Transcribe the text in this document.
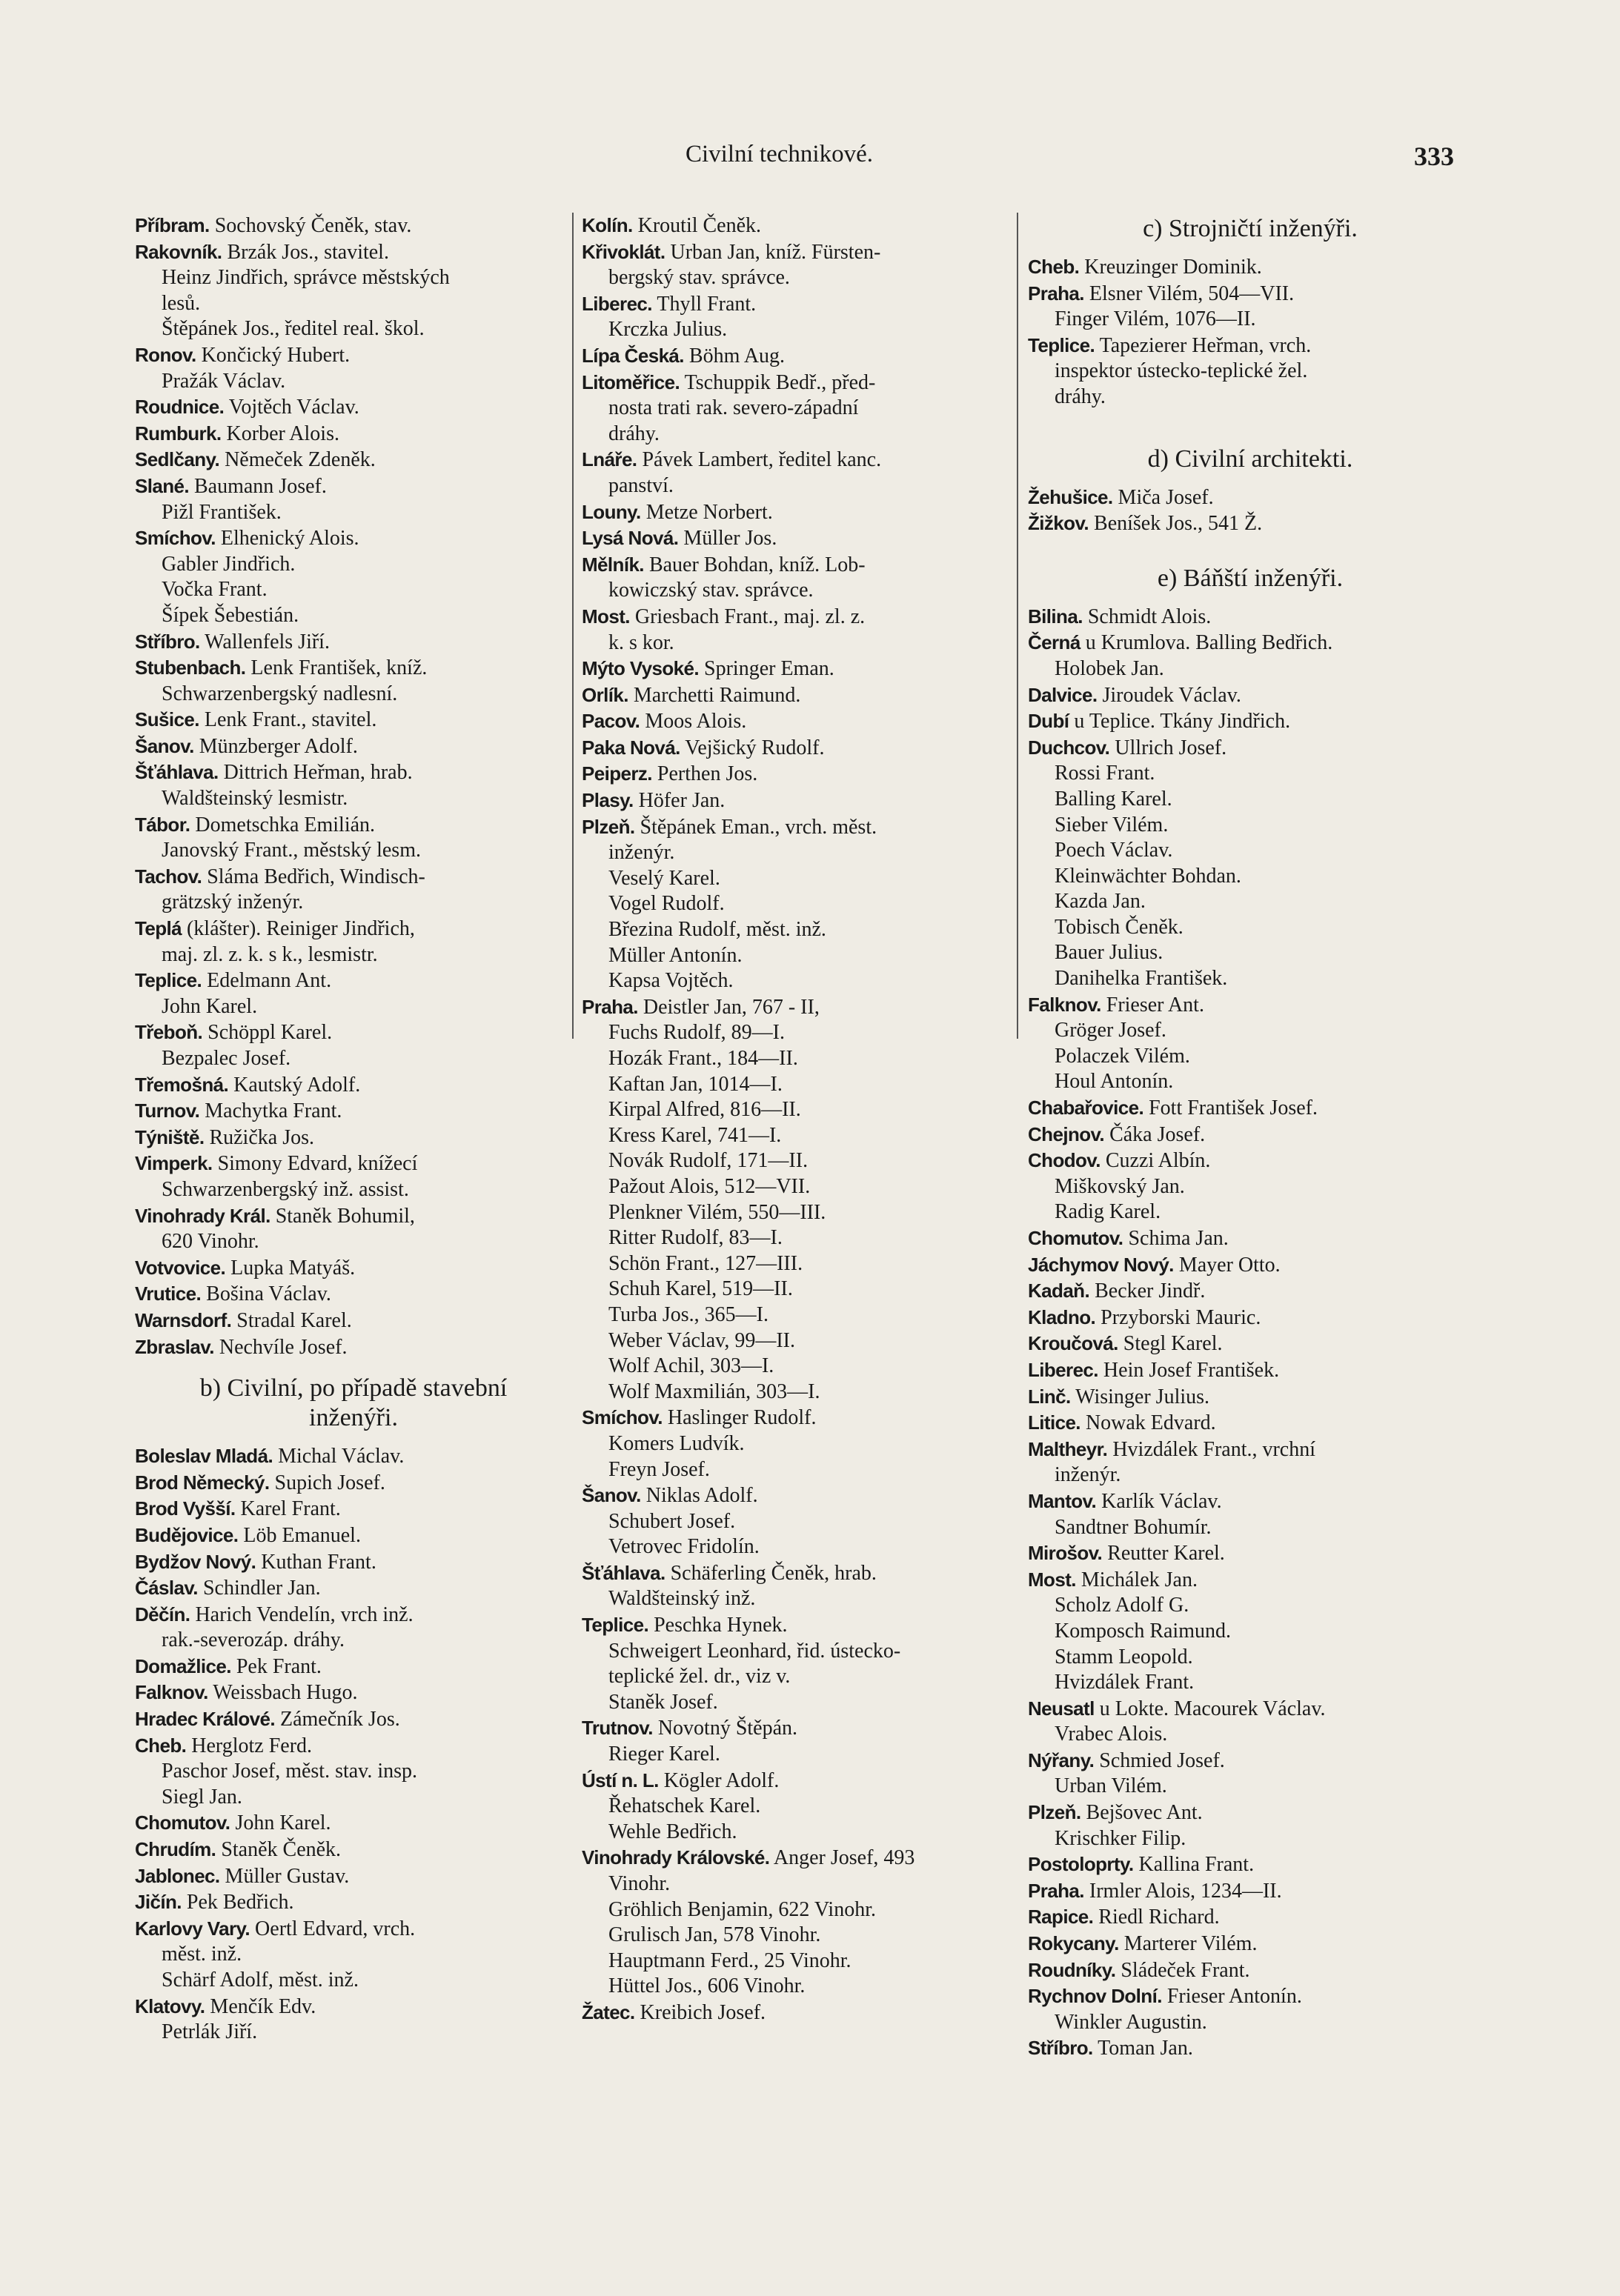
Civilní technikové.	333
Příbram. Sochovský Čeněk, stav.
Rakovník. Brzák Jos., stavitel.
Heinz Jindřich, správce městských
lesů.
Štěpánek Jos., ředitel real. škol.
Ronov. Končický Hubert.
Pražák Václav.
Roudnice. Vojtěch Václav.
Rumburk. Korber Alois.
Sedlčany. Němeček Zdeněk.
Slané. Baumann Josef.
Pižl František.
Smíchov. Elhenický Alois.
Gabler Jindřich.
Vočka Frant.
Šípek Šebestián.
Stříbro. Wallenfels Jiří.
Stubenbach. Lenk František, kníž.
Schwarzenbergský nadlesní.
Sušice. Lenk Frant., stavitel.
Šanov. Münzberger Adolf.
Šťáhlava. Dittrich Heřman, hrab.
Waldšteinský lesmistr.
Tábor. Dometschka Emilián.
Janovský Frant., městský lesm.
Tachov. Sláma Bedřich, Windisch-
grätzský inženýr.
Teplá (klášter). Reiniger Jindřich,
maj. zl. z. k. s k., lesmistr.
Teplice. Edelmann Ant.
John Karel.
Třeboň. Schöppl Karel.
Bezpalec Josef.
Třemošná. Kautský Adolf.
Turnov. Machytka Frant.
Týniště. Ružička Jos.
Vimperk. Simony Edvard, knížecí
Schwarzenbergský inž. assist.
Vinohrady Král. Staněk Bohumil,
620 Vinohr.
Votvovice. Lupka Matyáš.
Vrutice. Bošina Václav.
Warnsdorf. Stradal Karel.
Zbraslav. Nechvíle Josef.
b) Civilní, po případě stavební
inženýři.
Boleslav Mladá. Michal Václav.
Brod Německý. Supich Josef.
Brod Vyšší. Karel Frant.
Budějovice. Löb Emanuel.
Bydžov Nový. Kuthan Frant.
Čáslav. Schindler Jan.
Děčín. Harich Vendelín, vrch inž.
rak.-severozáp. dráhy.
Domažlice. Pek Frant.
Falknov. Weissbach Hugo.
Hradec Králové. Zámečník Jos.
Cheb. Herglotz Ferd.
Paschor Josef, měst. stav. insp.
Siegl Jan.
Chomutov. John Karel.
Chrudím. Staněk Čeněk.
Jablonec. Müller Gustav.
Jičín. Pek Bedřich.
Karlovy Vary. Oertl Edvard, vrch.
měst. inž.
Schärf Adolf, měst. inž.
Klatovy. Menčík Edv.
Petrlák Jiří.
Kolín. Kroutil Čeněk.
Křivoklát. Urban Jan, kníž. Fürsten-
bergský stav. správce.
Liberec. Thyll Frant.
Krczka Julius.
Lípa Česká. Böhm Aug.
Litoměřice. Tschuppik Bedř., před-
nosta trati rak. severo-západní
dráhy.
Lnáře. Pávek Lambert, ředitel kanc.
panství.
Louny. Metze Norbert.
Lysá Nová. Müller Jos.
Mělník. Bauer Bohdan, kníž. Lob-
kowiczský stav. správce.
Most. Griesbach Frant., maj. zl. z.
k. s kor.
Mýto Vysoké. Springer Eman.
Orlík. Marchetti Raimund.
Pacov. Moos Alois.
Paka Nová. Vejšický Rudolf.
Peiperz. Perthen Jos.
Plasy. Höfer Jan.
Plzeň. Štěpánek Eman., vrch. měst.
inženýr.
Veselý Karel.
Vogel Rudolf.
Březina Rudolf, měst. inž.
Müller Antonín.
Kapsa Vojtěch.
Praha. Deistler Jan, 767 - II,
Fuchs Rudolf, 89—I.
Hozák Frant., 184—II.
Kaftan Jan, 1014—I.
Kirpal Alfred, 816—II.
Kress Karel, 741—I.
Novák Rudolf, 171—II.
Pažout Alois, 512—VII.
Plenkner Vilém, 550—III.
Ritter Rudolf, 83—I.
Schön Frant., 127—III.
Schuh Karel, 519—II.
Turba Jos., 365—I.
Weber Václav, 99—II.
Wolf Achil, 303—I.
Wolf Maxmilián, 303—I.
Smíchov. Haslinger Rudolf.
Komers Ludvík.
Freyn Josef.
Šanov. Niklas Adolf.
Schubert Josef.
Vetrovec Fridolín.
Šťáhlava. Schäferling Čeněk, hrab.
Waldšteinský inž.
Teplice. Peschka Hynek.
Schweigert Leonhard, řid. ústecko-
teplické žel. dr., viz v.
Staněk Josef.
Trutnov. Novotný Štěpán.
Rieger Karel.
Ústí n. L. Kögler Adolf.
Řehatschek Karel.
Wehle Bedřich.
Vinohrady Královské. Anger Josef, 493
Vinohr.
Gröhlich Benjamin, 622 Vinohr.
Grulisch Jan, 578 Vinohr.
Hauptmann Ferd., 25 Vinohr.
Hüttel Jos., 606 Vinohr.
Žatec. Kreibich Josef.
c) Strojničtí inženýři.
Cheb. Kreuzinger Dominik.
Praha. Elsner Vilém, 504—VII.
Finger Vilém, 1076—II.
Teplice. Tapezierer Heřman, vrch.
inspektor ústecko-teplické žel.
dráhy.
d) Civilní architekti.
Žehušice. Miča Josef.
Žižkov. Beníšek Jos., 541 Ž.
e) Báňští inženýři.
Bilina. Schmidt Alois.
Černá u Krumlova. Balling Bedřich.
Holobek Jan.
Dalvice. Jiroudek Václav.
Dubí u Teplice. Tkány Jindřich.
Duchcov. Ullrich Josef.
Rossi Frant.
Balling Karel.
Sieber Vilém.
Poech Václav.
Kleinwächter Bohdan.
Kazda Jan.
Tobisch Čeněk.
Bauer Julius.
Danihelka František.
Falknov. Frieser Ant.
Gröger Josef.
Polaczek Vilém.
Houl Antonín.
Chabařovice. Fott František Josef.
Chejnov. Čáka Josef.
Chodov. Cuzzi Albín.
Miškovský Jan.
Radig Karel.
Chomutov. Schima Jan.
Jáchymov Nový. Mayer Otto.
Kadaň. Becker Jindř.
Kladno. Przyborski Mauric.
Kroučová. Stegl Karel.
Liberec. Hein Josef František.
Linč. Wisinger Julius.
Litice. Nowak Edvard.
Maltheyr. Hvizdálek Frant., vrchní
inženýr.
Mantov. Karlík Václav.
Sandtner Bohumír.
Mirošov. Reutter Karel.
Most. Michálek Jan.
Scholz Adolf G.
Komposch Raimund.
Stamm Leopold.
Hvizdálek Frant.
Neusatl u Lokte. Macourek Václav.
Vrabec Alois.
Nýřany. Schmied Josef.
Urban Vilém.
Plzeň. Bejšovec Ant.
Krischker Filip.
Postoloprty. Kallina Frant.
Praha. Irmler Alois, 1234—II.
Rapice. Riedl Richard.
Rokycany. Marterer Vilém.
Roudníky. Sládeček Frant.
Rychnov Dolní. Frieser Antonín.
Winkler Augustin.
Stříbro. Toman Jan.
